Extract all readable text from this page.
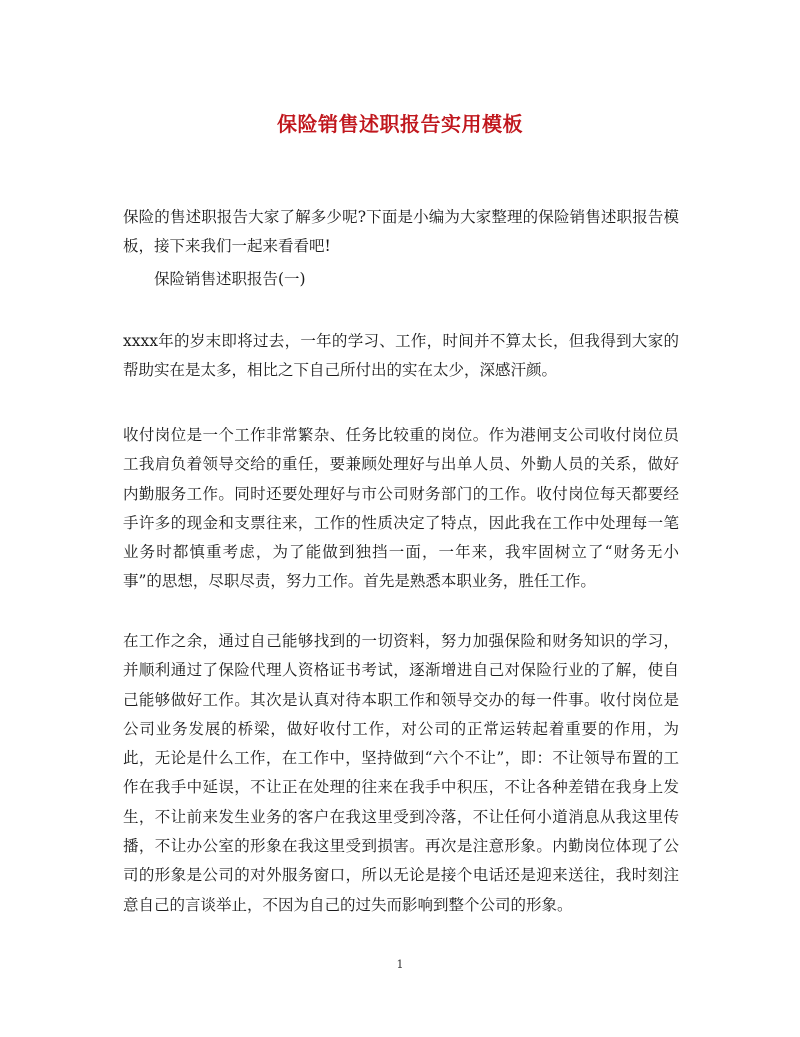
保险销售述职报告实用模板

保险的售述职报告大家了解多少呢?下面是小编为大家整理的保险销售述职报告模板，接下来我们一起来看看吧!

保险销售述职报告(一)

xxxx年的岁末即将过去，一年的学习、工作，时间并不算太长，但我得到大家的帮助实在是太多，相比之下自己所付出的实在太少，深感汗颜。

收付岗位是一个工作非常繁杂、任务比较重的岗位。作为港闸支公司收付岗位员工我肩负着领导交给的重任，要兼顾处理好与出单人员、外勤人员的关系，做好内勤服务工作。同时还要处理好与市公司财务部门的工作。收付岗位每天都要经手许多的现金和支票往来，工作的性质决定了特点，因此我在工作中处理每一笔业务时都慎重考虑，为了能做到独挡一面，一年来，我牢固树立了“财务无小事”的思想，尽职尽责，努力工作。首先是熟悉本职业务，胜任工作。

在工作之余，通过自己能够找到的一切资料，努力加强保险和财务知识的学习，并顺利通过了保险代理人资格证书考试，逐渐增进自己对保险行业的了解，使自己能够做好工作。其次是认真对待本职工作和领导交办的每一件事。收付岗位是公司业务发展的桥梁，做好收付工作，对公司的正常运转起着重要的作用，为此，无论是什么工作，在工作中，坚持做到“六个不让”，即：不让领导布置的工作在我手中延误，不让正在处理的往来在我手中积压，不让各种差错在我身上发生，不让前来发生业务的客户在我这里受到冷落，不让任何小道消息从我这里传播，不让办公室的形象在我这里受到损害。再次是注意形象。内勤岗位体现了公司的形象是公司的对外服务窗口，所以无论是接个电话还是迎来送往，我时刻注意自己的言谈举止，不因为自己的过失而影响到整个公司的形象。

1
